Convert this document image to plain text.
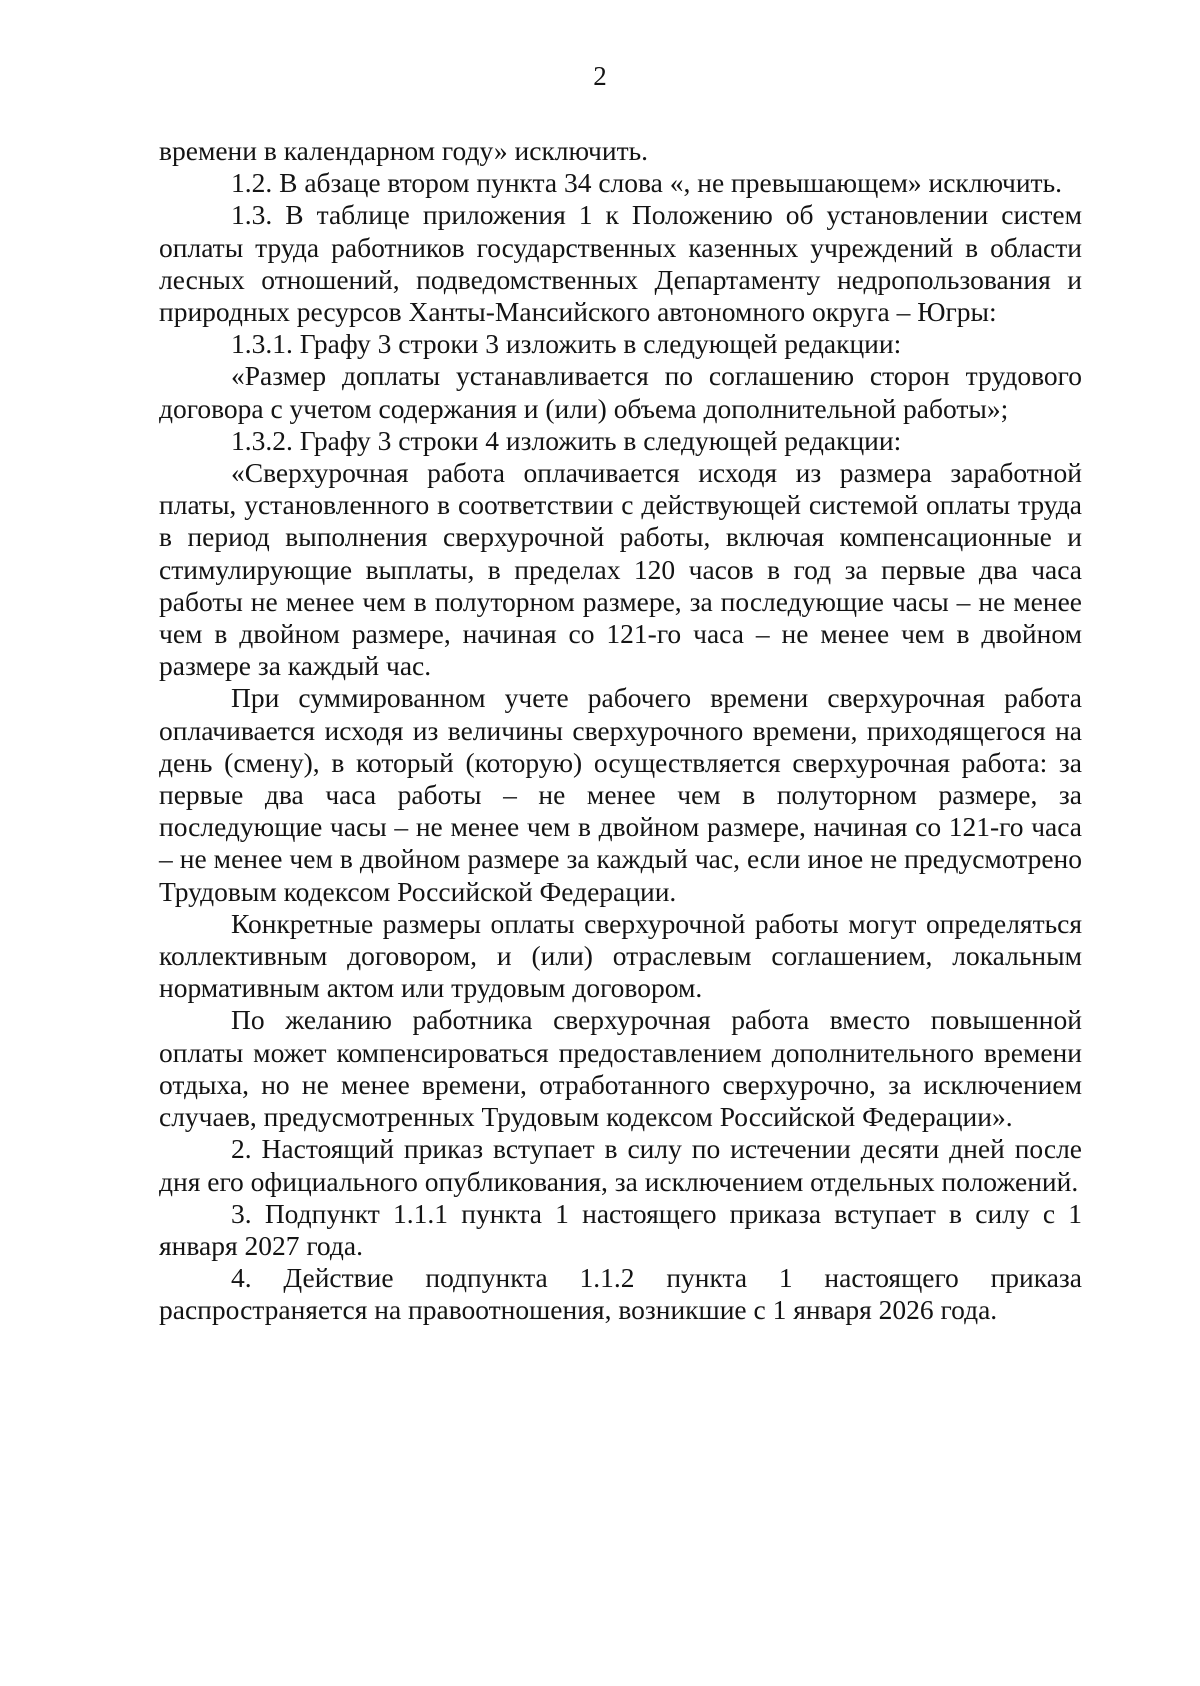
2

времени в календарном году» исключить.

1.2. В абзаце втором пункта 34 слова «, не превышающем» исключить.

1.3. В таблице приложения 1 к Положению об установлении систем оплаты труда работников государственных казенных учреждений в области лесных отношений, подведомственных Департаменту недропользования и природных ресурсов Ханты-Мансийского автономного округа – Югры:

1.3.1. Графу 3 строки 3 изложить в следующей редакции:

«Размер доплаты устанавливается по соглашению сторон трудового договора с учетом содержания и (или) объема дополнительной работы»;

1.3.2. Графу 3 строки 4 изложить в следующей редакции:

«Сверхурочная работа оплачивается исходя из размера заработной платы, установленного в соответствии с действующей системой оплаты труда в период выполнения сверхурочной работы, включая компенсационные и стимулирующие выплаты, в пределах 120 часов в год за первые два часа работы не менее чем в полуторном размере, за последующие часы – не менее чем в двойном размере, начиная со 121-го часа – не менее чем в двойном размере за каждый час.

При суммированном учете рабочего времени сверхурочная работа оплачивается исходя из величины сверхурочного времени, приходящегося на день (смену), в который (которую) осуществляется сверхурочная работа: за первые два часа работы – не менее чем в полуторном размере, за последующие часы – не менее чем в двойном размере, начиная со 121-го часа – не менее чем в двойном размере за каждый час, если иное не предусмотрено Трудовым кодексом Российской Федерации.

Конкретные размеры оплаты сверхурочной работы могут определяться коллективным договором, и (или) отраслевым соглашением, локальным нормативным актом или трудовым договором.

По желанию работника сверхурочная работа вместо повышенной оплаты может компенсироваться предоставлением дополнительного времени отдыха, но не менее времени, отработанного сверхурочно, за исключением случаев, предусмотренных Трудовым кодексом Российской Федерации».

2. Настоящий приказ вступает в силу по истечении десяти дней после дня его официального опубликования, за исключением отдельных положений.

3. Подпункт 1.1.1 пункта 1 настоящего приказа вступает в силу с 1 января 2027 года.

4. Действие подпункта 1.1.2 пункта 1 настоящего приказа распространяется на правоотношения, возникшие с 1 января 2026 года.
